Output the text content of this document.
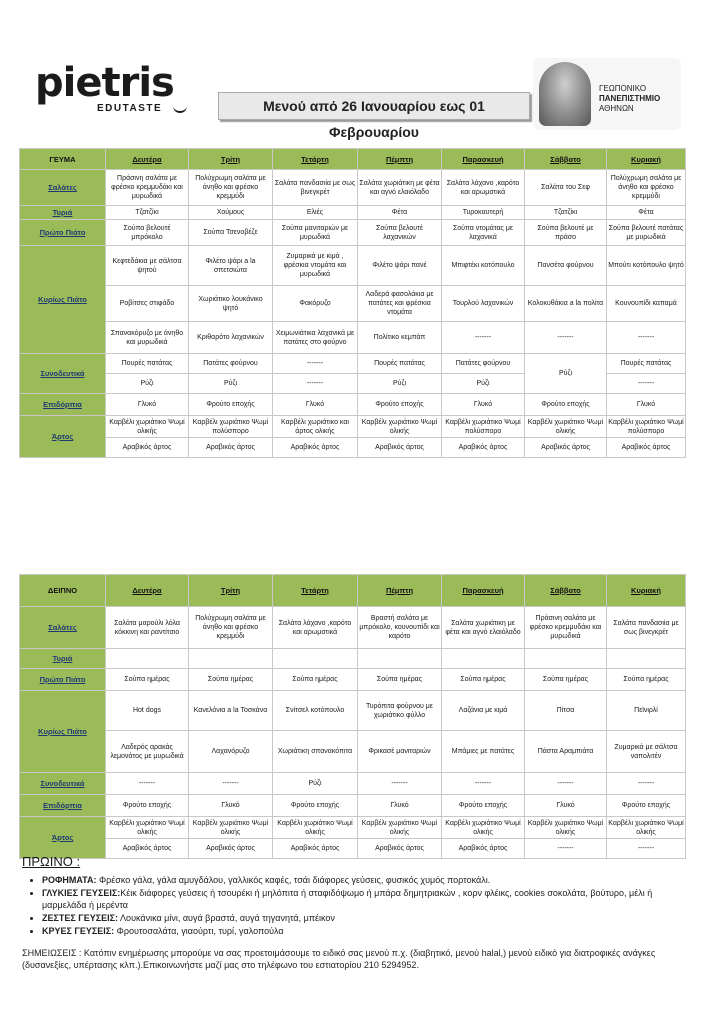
pietris
EDUTASTE	Μενού από 26 Ιανουαρίου εως 01 Φεβρουαρίου
ΓΕΩΠΟΝΙΚΟ
ΠΑΝΕΠΙΣΤΗΜΙΟ
ΑΘΗΝΩΝ
ΓΕΥΜΑ	Δευτέρα	Τρίτη	Τετάρτη	Πέμπτη	Παρασκευή	Σάββατο	Κυριακή
Σαλάτες	Πράσινη σαλάτα με φρέσκο κρεμμυδάκι και μυρωδικά	Πολύχρωμη σαλάτα με άνηθο και φρέσκο κρεμμύδι	Σαλάτα πανδασιία με σως βινεγκρέτ	Σαλάτα χωριάτικη με φέτα και αγνό ελαιόλαδο	Σαλάτα λάχανο ,καρότο και αρωματικά	Σαλάτα του Σεφ	Πολύχρωμη σαλάτα με άνηθο και φρέσκο κρεμμύδι
Τυριά	Τζατζίκι	Χούμους	Ελιές	Φέτα	Τυροκαυτερή	Τζατζίκι	Φέτα
Πρώτο Πιάτο	Σούπα βελουτέ μπρόκολο	Σούπα Τσενοβέζε	Σούπα μανιταριών με μυρωδικά	Σούπα βελουτέ λαχανικών	Σούπα ντομάτας με λαχανικά	Σούπα βελουτέ με πράσο	Σούπα βελουτέ πατάτας με μυρωδικά
Κυρίως Πιάτο	Κεφτεδάκια με σάλτσα ψητού	Φιλέτο ψάρι a la σπετσιώτα	Ζυμαρικά με κιμά , φρέσκια ντομάτα και μυρωδικά	Φιλέτο ψάρι πανέ	Μπιφτέκι κοτόπουλο	Πανσέτα φούρνου	Μπούτι κοτόπουλο ψητό
	Ροβίτσες στιφάδο	Χωριάτικο λουκάνικο ψητό	Φακόρυζο	Λαδερά φασολάκια με πατάτες και φρέσκια ντομάτα	Τουρλού λαχανικών	Κολοκυθάκια a la πολίτα	Κουνουπίδι καπαμά
	Σπανακόρυζο με άνηθο και μυρωδικά	Κριθαρότο λαχανικών	Χειμωνιάτικα λαχανικά με πατάτες στο φούρνο	Πολίτικο κεμπάπ	-------	-------	-------
Συνοδευτικά	Πουρές πατάτας	Πατάτες φούρνου	-------	Πουρές πατάτας	Πατάτες φούρνου	Ρύζι	Πουρές πατάτας
	Ρύζι	Ρύζι	-------	Ρύζι	Ρύζι		-------
Επιδόρπια	Γλυκό	Φρούτο εποχής	Γλυκό	Φρούτο εποχής	Γλυκό	Φρούτο εποχής	Γλυκό
Άρτος	Καρβέλι χωριάτικο Ψωμί ολικής	Καρβέλι χωριάτικο Ψωμί πολύσπορο	Καρβέλι χωριάτικο και άρτος ολικής	Καρβέλι χωριάτικο Ψωμί ολικής	Καρβέλι χωριάτικο Ψωμί πολύσπορο	Καρβέλι χωριάτικο Ψωμί ολικής	Καρβέλι χωριάτικο Ψωμί πολύσπορο
	Αραβικός άρτος	Αραβικός άρτος	Αραβικός άρτος	Αραβικός άρτος	Αραβικός άρτος	Αραβικός άρτος	Αραβικός άρτος
ΔΕΙΠΝΟ	Δευτέρα	Τρίτη	Τετάρτη	Πέμπτη	Παρασκευή	Σάββατο	Κυριακή
Σαλάτες	Σαλάτα μαρούλι λόλα κόκκινη και ραντίτσιο	Πολύχρωμη σαλάτα με άνηθο και φρέσκο κρεμμύδι	Σαλάτα λάχανο ,καρότο και αρωματικά	Βραστή σαλάτα με μπρόκολο, κουνουπίδι και καρότο	Σαλάτα χωριάτικη με φέτα και αγνό ελαιόλαδο	Πράσινη σαλάτα με φρέσκο κρεμμυδάκι και μυρωδικά	Σαλάτα πανδασιία με σως βινεγκρέτ
Τυριά							
Πρώτο Πιάτο	Σούπα ημέρας	Σούπα ημέρας	Σούπα ημέρας	Σούπα ημέρας	Σούπα ημέρας	Σούπα ημέρας	Σούπα ημέρας
Κυρίως Πιάτο	Hot dogs	Κανελόνια a la Τοσκάνα	Σνίτσελ κοτόπουλο	Τυρόπιτα φούρνου με χωριάτικο φύλλο	Λαζάνια με κιμά	Πίτσα	Πεϊνιρλί
	Λαδερός αρακάς λεμονάτος με μυρωδικά	Λαχανόρυζο	Χωριάτικη σπανακόπιτα	Φρικασέ μανιταριών	Μπάμιες με πατάτες	Πάστα Αραμπιάτα	Ζυμαρικά με σάλτσα ναπολιτέν
Συνοδευτικά	-------	-------	Ρύζι	-------	-------	-------	-------
Επιδόρπια	Φρούτο εποχής	Γλυκό	Φρούτο εποχής	Γλυκό	Φρούτο εποχής	Γλυκό	Φρούτο εποχής
Άρτος	Καρβέλι χωριάτικο Ψωμί ολικής	Καρβέλι χωριάτικο Ψωμί ολικής	Καρβέλι χωριάτικο Ψωμί ολικής	Καρβέλι χωριάτικο Ψωμί ολικής	Καρβέλι χωριάτικο Ψωμί ολικής	Καρβέλι χωριάτικο Ψωμί ολικής	Καρβέλι χωριάτικο Ψωμί ολικής
	Αραβικός άρτος	Αραβικός άρτος	Αραβικός άρτος	Αραβικός άρτος	Αραβικός άρτος	-------	-------
ΠΡΩΙΝΟ :
• ΡΟΦΗΜΑΤΑ: Φρέσκο γάλα, γάλα αμυγδάλου, γαλλικός καφές, τσάι διάφορες γεύσεις, φυσικός χυμός πορτοκάλι.
• ΓΛΥΚΙΕΣ ΓΕΥΣΕΙΣ:Κέικ διάφορες γεύσεις ή τσουρέκι ή μηλόπιτα ή σταφιδόψωμο ή μπάρα δημητριακών , κορν φλέικς, cookies σοκολάτα, βούτυρο, μέλι ή μαρμελάδα ή μερέντα
• ΖΕΣΤΕΣ ΓΕΥΣΕΙΣ: Λουκάνικα μίνι, αυγά βραστά, αυγά τηγανητά, μπέικον
• ΚΡΥΕΣ ΓΕΥΣΕΙΣ: Φρουτοσαλάτα, γιαούρτι, τυρί, γαλοπούλα
ΣΗΜΕΙΩΣΕΙΣ : Κατόπιν ενημέρωσης μπορούμε να σας προετοιμάσουμε το ειδικό σας μενού π.χ. (διαβητικό, μενού halal,) μενού ειδικό για διατροφικές ανάγκες (δυσανεξίες, υπέρτασης κλπ.).Επικοινωνήστε μαζί μας στο τηλέφωνο του εστιατορίου 210 5294952.
